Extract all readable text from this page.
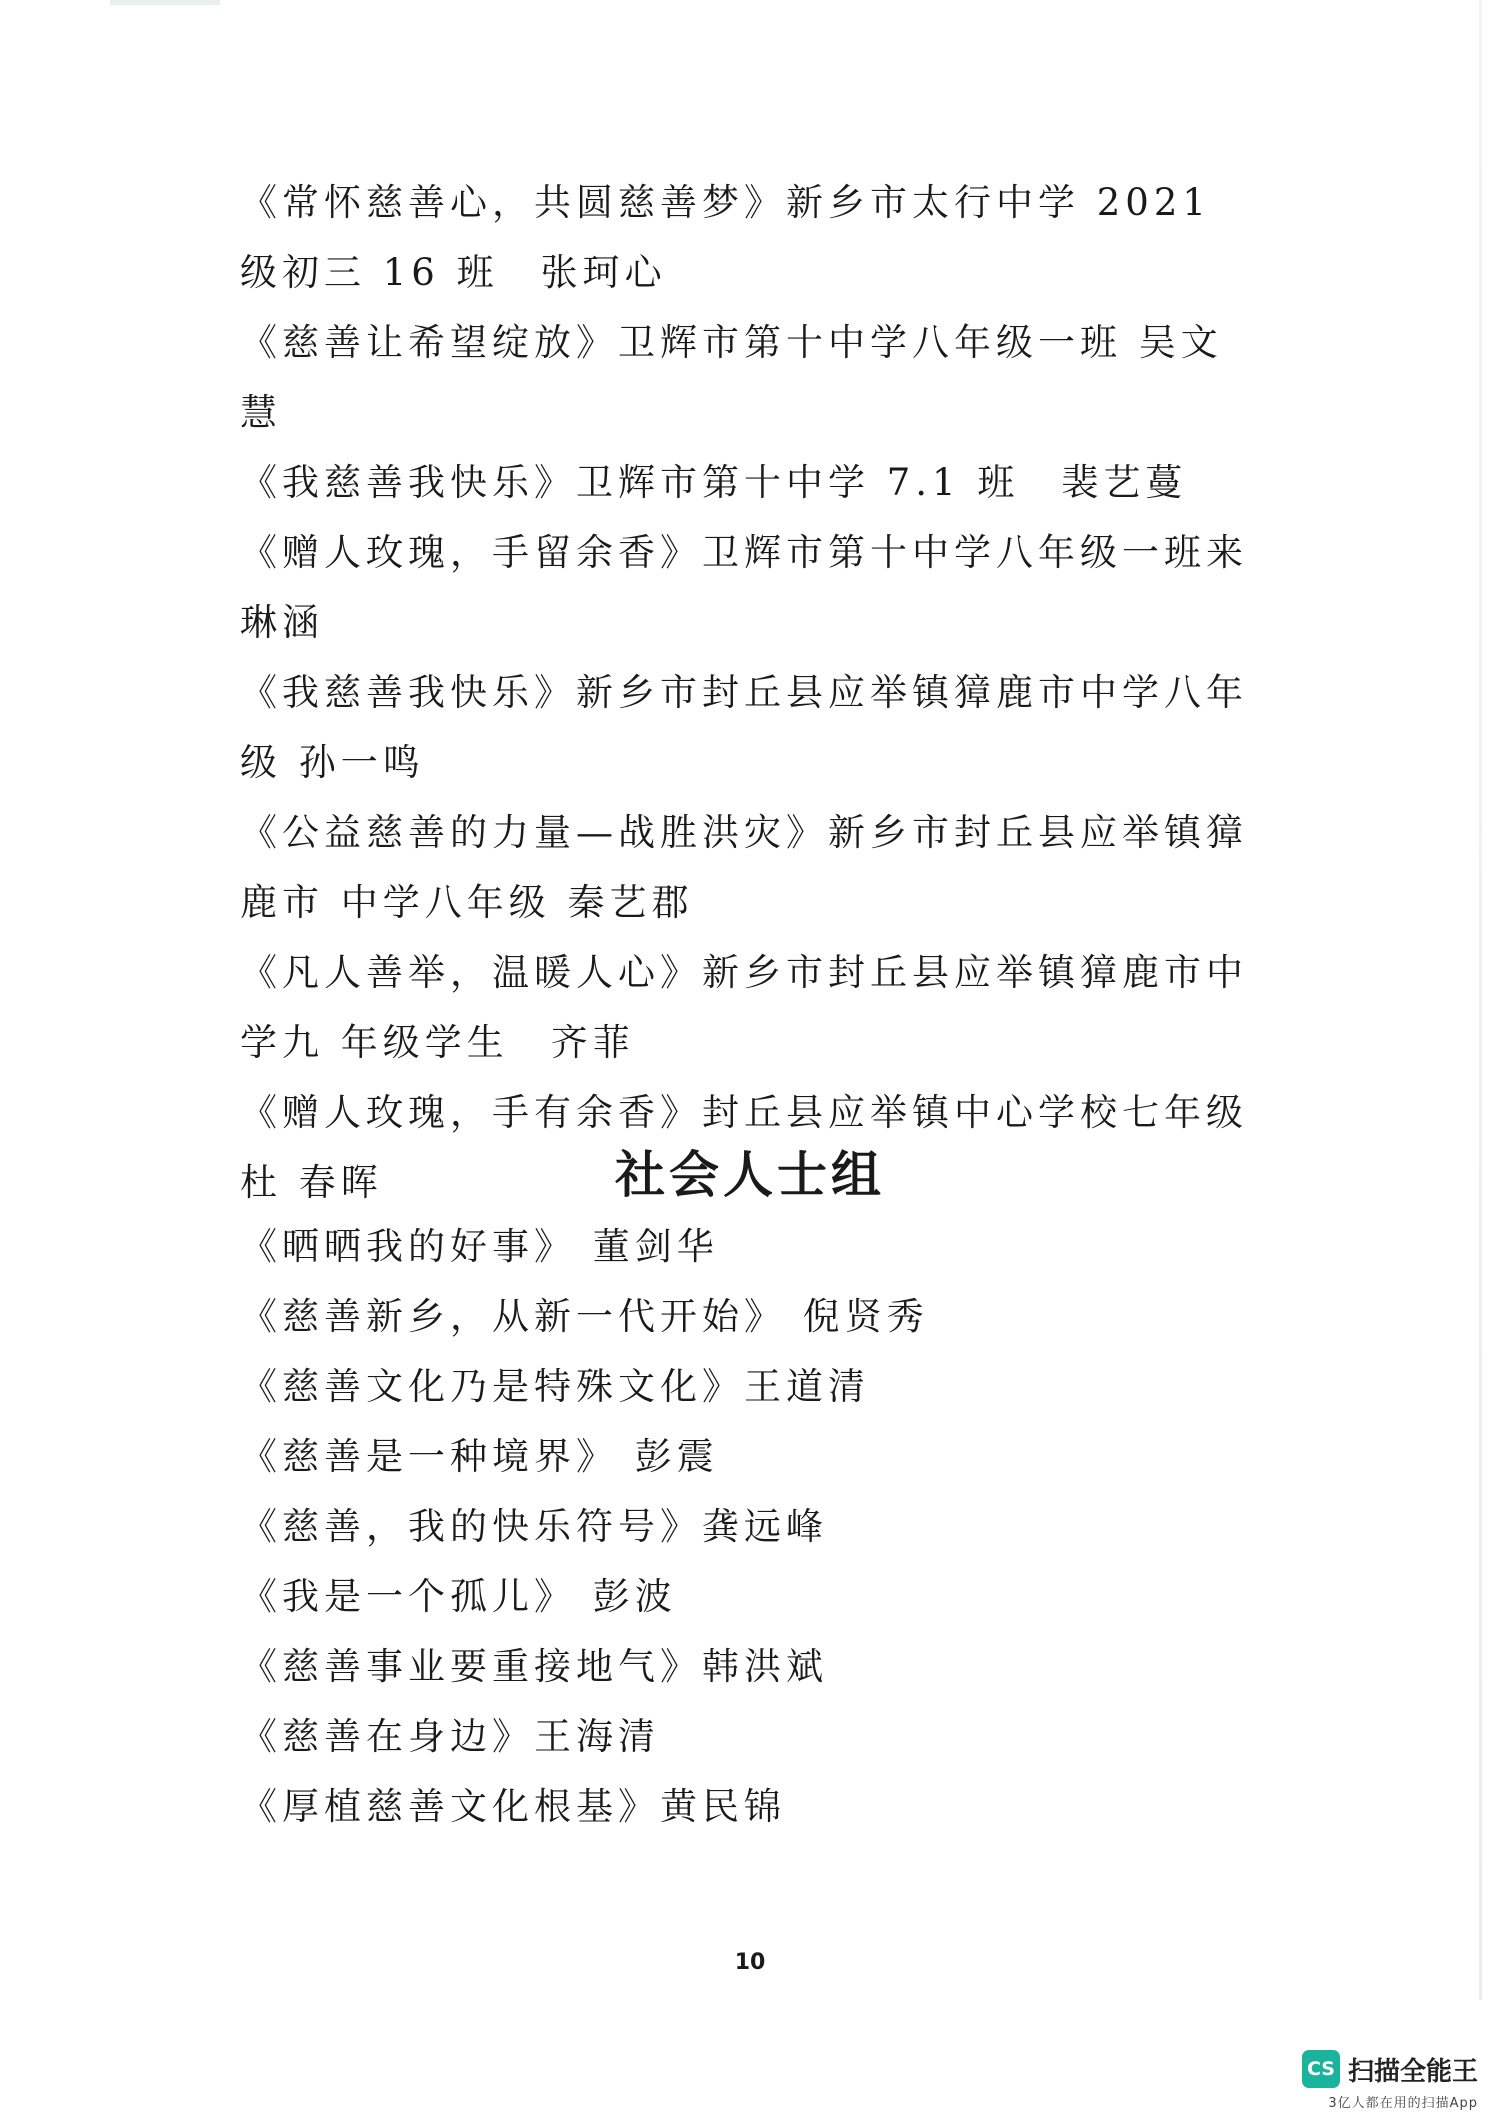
《常怀慈善心，共圆慈善梦》新乡市太行中学 2021 级初三 16 班　张珂心

《慈善让希望绽放》卫辉市第十中学八年级一班 吴文慧

《我慈善我快乐》卫辉市第十中学 7.1 班　裴艺蔓

《赠人玫瑰，手留余香》卫辉市第十中学八年级一班来琳涵

《我慈善我快乐》新乡市封丘县应举镇獐鹿市中学八年级 孙一鸣

《公益慈善的力量—战胜洪灾》新乡市封丘县应举镇獐鹿市 中学八年级 秦艺郡

《凡人善举，温暖人心》新乡市封丘县应举镇獐鹿市中学九 年级学生　齐菲

《赠人玫瑰，手有余香》封丘县应举镇中心学校七年级　杜 春晖	社会人士组

《晒晒我的好事》 董剑华

《慈善新乡，从新一代开始》 倪贤秀

《慈善文化乃是特殊文化》王道清

《慈善是一种境界》 彭震

《慈善，我的快乐符号》龚远峰

《我是一个孤儿》 彭波

《慈善事业要重接地气》韩洪斌

《慈善在身边》王海清

《厚植慈善文化根基》黄民锦

10
CS 扫描全能王
3亿人都在用的扫描App
